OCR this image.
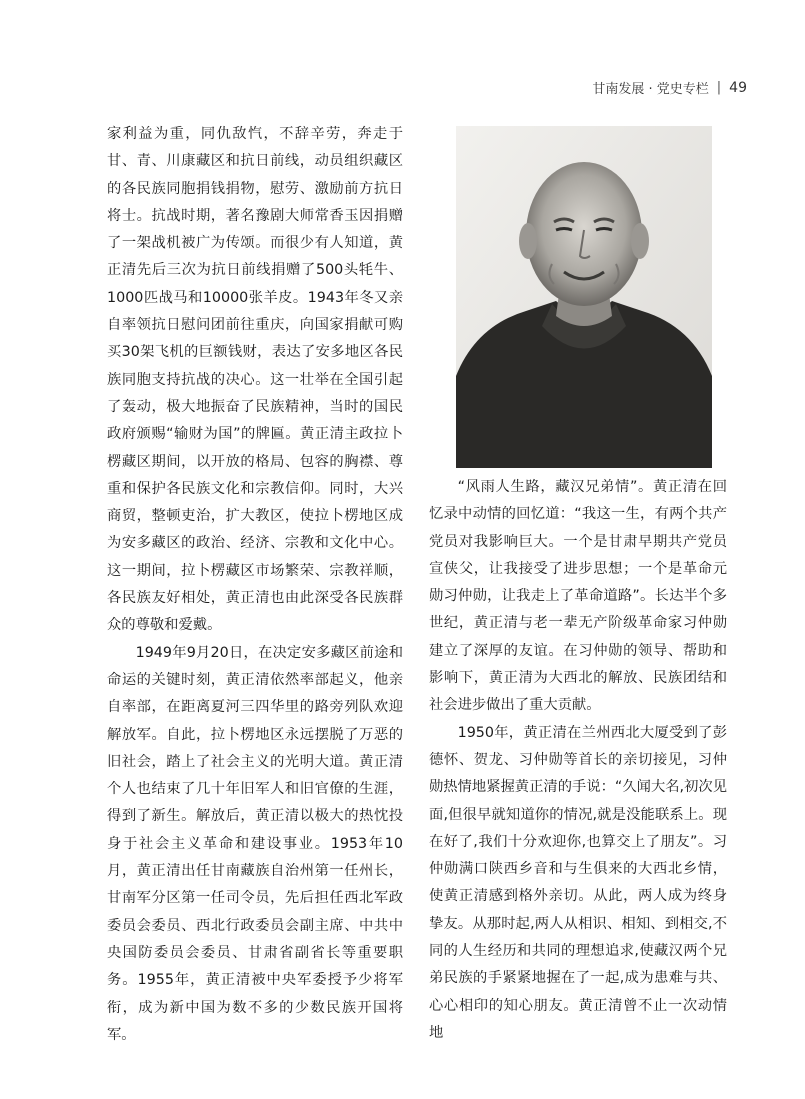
甘南发展 · 党史专栏 | 49

家利益为重，同仇敌忾，不辞辛劳，奔走于甘、青、川康藏区和抗日前线，动员组织藏区的各民族同胞捐钱捐物，慰劳、激励前方抗日将士。抗战时期，著名豫剧大师常香玉因捐赠了一架战机被广为传颂。而很少有人知道，黄正清先后三次为抗日前线捐赠了500头牦牛、1000匹战马和10000张羊皮。1943年冬又亲自率领抗日慰问团前往重庆，向国家捐献可购买30架飞机的巨额钱财，表达了安多地区各民族同胞支持抗战的决心。这一壮举在全国引起了轰动，极大地振奋了民族精神，当时的国民政府颁赐“输财为国”的牌匾。黄正清主政拉卜楞藏区期间，以开放的格局、包容的胸襟、尊重和保护各民族文化和宗教信仰。同时，大兴商贸，整顿吏治，扩大教区，使拉卜楞地区成为安多藏区的政治、经济、宗教和文化中心。这一期间，拉卜楞藏区市场繁荣、宗教祥顺，各民族友好相处，黄正清也由此深受各民族群众的尊敬和爱戴。

1949年9月20日，在决定安多藏区前途和命运的关键时刻，黄正清依然率部起义，他亲自率部，在距离夏河三四华里的路旁列队欢迎解放军。自此，拉卜楞地区永远摆脱了万恶的旧社会，踏上了社会主义的光明大道。黄正清个人也结束了几十年旧军人和旧官僚的生涯，得到了新生。解放后，黄正清以极大的热忱投身于社会主义革命和建设事业。1953年10月，黄正清出任甘南藏族自治州第一任州长，甘南军分区第一任司令员，先后担任西北军政委员会委员、西北行政委员会副主席、中共中央国防委员会委员、甘肃省副省长等重要职务。1955年，黄正清被中央军委授予少将军衔，成为新中国为数不多的少数民族开国将军。

“风雨人生路，藏汉兄弟情”。黄正清在回忆录中动情的回忆道：“我这一生，有两个共产党员对我影响巨大。一个是甘肃早期共产党员宣侠父，让我接受了进步思想；一个是革命元勋习仲勋，让我走上了革命道路”。长达半个多世纪，黄正清与老一辈无产阶级革命家习仲勋建立了深厚的友谊。在习仲勋的领导、帮助和影响下，黄正清为大西北的解放、民族团结和社会进步做出了重大贡献。

1950年，黄正清在兰州西北大厦受到了彭德怀、贺龙、习仲勋等首长的亲切接见，习仲勋热情地紧握黄正清的手说：“久闻大名,初次见面,但很早就知道你的情况,就是没能联系上。现在好了,我们十分欢迎你,也算交上了朋友”。习仲勋满口陕西乡音和与生俱来的大西北乡情，使黄正清感到格外亲切。从此，两人成为终身挚友。从那时起,两人从相识、相知、到相交,不同的人生经历和共同的理想追求,使藏汉两个兄弟民族的手紧紧地握在了一起,成为患难与共、心心相印的知心朋友。黄正清曾不止一次动情地
